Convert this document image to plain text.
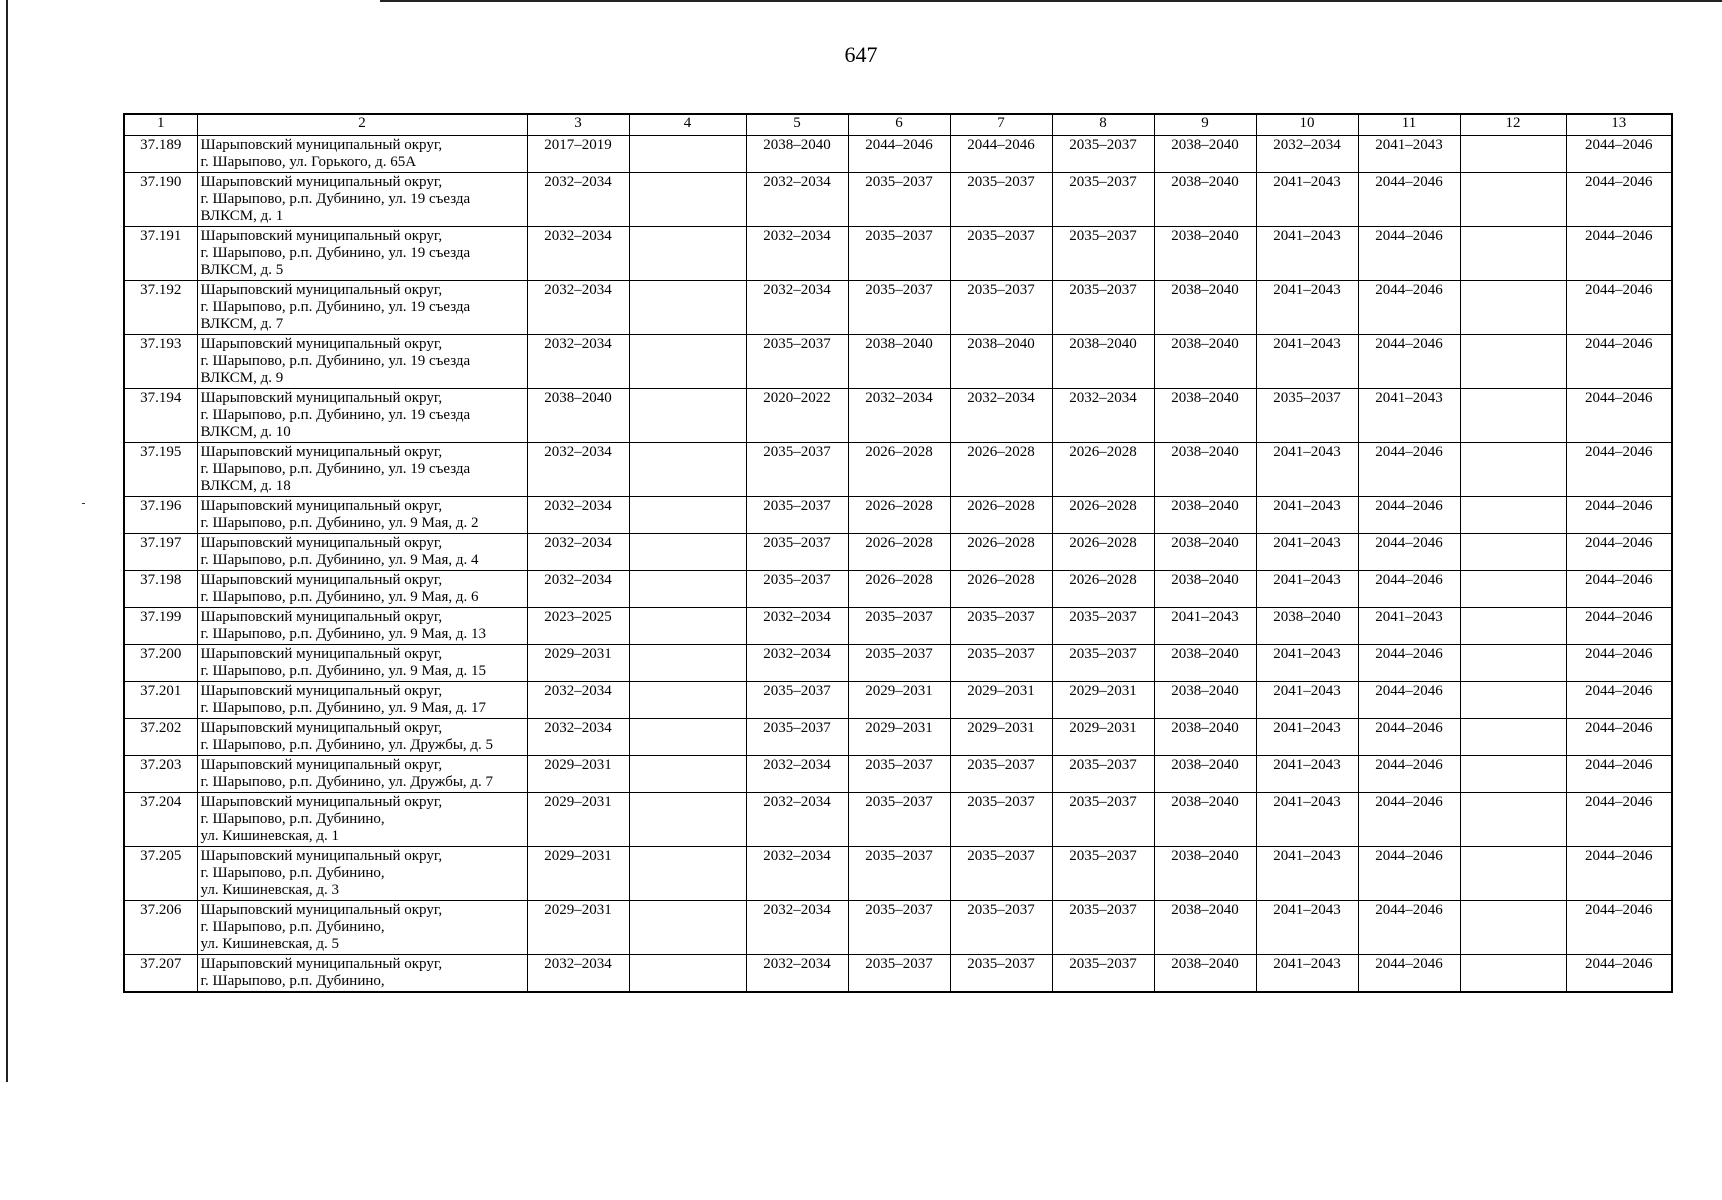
647
1	2	3	4	5	6	7	8	9	10	11	12	13
37.189	Шарыповский муниципальный округ,
г. Шарыпово, ул. Горького, д. 65А	2017–2019		2038–2040	2044–2046	2044–2046	2035–2037	2038–2040	2032–2034	2041–2043		2044–2046
37.190	Шарыповский муниципальный округ,
г. Шарыпово, р.п. Дубинино, ул. 19 съезда
ВЛКСМ, д. 1	2032–2034		2032–2034	2035–2037	2035–2037	2035–2037	2038–2040	2041–2043	2044–2046		2044–2046
37.191	Шарыповский муниципальный округ,
г. Шарыпово, р.п. Дубинино, ул. 19 съезда
ВЛКСМ, д. 5	2032–2034		2032–2034	2035–2037	2035–2037	2035–2037	2038–2040	2041–2043	2044–2046		2044–2046
37.192	Шарыповский муниципальный округ,
г. Шарыпово, р.п. Дубинино, ул. 19 съезда
ВЛКСМ, д. 7	2032–2034		2032–2034	2035–2037	2035–2037	2035–2037	2038–2040	2041–2043	2044–2046		2044–2046
37.193	Шарыповский муниципальный округ,
г. Шарыпово, р.п. Дубинино, ул. 19 съезда
ВЛКСМ, д. 9	2032–2034		2035–2037	2038–2040	2038–2040	2038–2040	2038–2040	2041–2043	2044–2046		2044–2046
37.194	Шарыповский муниципальный округ,
г. Шарыпово, р.п. Дубинино, ул. 19 съезда
ВЛКСМ, д. 10	2038–2040		2020–2022	2032–2034	2032–2034	2032–2034	2038–2040	2035–2037	2041–2043		2044–2046
37.195	Шарыповский муниципальный округ,
г. Шарыпово, р.п. Дубинино, ул. 19 съезда
ВЛКСМ, д. 18	2032–2034		2035–2037	2026–2028	2026–2028	2026–2028	2038–2040	2041–2043	2044–2046		2044–2046
37.196	Шарыповский муниципальный округ,
г. Шарыпово, р.п. Дубинино, ул. 9 Мая, д. 2	2032–2034		2035–2037	2026–2028	2026–2028	2026–2028	2038–2040	2041–2043	2044–2046		2044–2046
37.197	Шарыповский муниципальный округ,
г. Шарыпово, р.п. Дубинино, ул. 9 Мая, д. 4	2032–2034		2035–2037	2026–2028	2026–2028	2026–2028	2038–2040	2041–2043	2044–2046		2044–2046
37.198	Шарыповский муниципальный округ,
г. Шарыпово, р.п. Дубинино, ул. 9 Мая, д. 6	2032–2034		2035–2037	2026–2028	2026–2028	2026–2028	2038–2040	2041–2043	2044–2046		2044–2046
37.199	Шарыповский муниципальный округ,
г. Шарыпово, р.п. Дубинино, ул. 9 Мая, д. 13	2023–2025		2032–2034	2035–2037	2035–2037	2035–2037	2041–2043	2038–2040	2041–2043		2044–2046
37.200	Шарыповский муниципальный округ,
г. Шарыпово, р.п. Дубинино, ул. 9 Мая, д. 15	2029–2031		2032–2034	2035–2037	2035–2037	2035–2037	2038–2040	2041–2043	2044–2046		2044–2046
37.201	Шарыповский муниципальный округ,
г. Шарыпово, р.п. Дубинино, ул. 9 Мая, д. 17	2032–2034		2035–2037	2029–2031	2029–2031	2029–2031	2038–2040	2041–2043	2044–2046		2044–2046
37.202	Шарыповский муниципальный округ,
г. Шарыпово, р.п. Дубинино, ул. Дружбы, д. 5	2032–2034		2035–2037	2029–2031	2029–2031	2029–2031	2038–2040	2041–2043	2044–2046		2044–2046
37.203	Шарыповский муниципальный округ,
г. Шарыпово, р.п. Дубинино, ул. Дружбы, д. 7	2029–2031		2032–2034	2035–2037	2035–2037	2035–2037	2038–2040	2041–2043	2044–2046		2044–2046
37.204	Шарыповский муниципальный округ,
г. Шарыпово, р.п. Дубинино,
ул. Кишиневская, д. 1	2029–2031		2032–2034	2035–2037	2035–2037	2035–2037	2038–2040	2041–2043	2044–2046		2044–2046
37.205	Шарыповский муниципальный округ,
г. Шарыпово, р.п. Дубинино,
ул. Кишиневская, д. 3	2029–2031		2032–2034	2035–2037	2035–2037	2035–2037	2038–2040	2041–2043	2044–2046		2044–2046
37.206	Шарыповский муниципальный округ,
г. Шарыпово, р.п. Дубинино,
ул. Кишиневская, д. 5	2029–2031		2032–2034	2035–2037	2035–2037	2035–2037	2038–2040	2041–2043	2044–2046		2044–2046
37.207	Шарыповский муниципальный округ,
г. Шарыпово, р.п. Дубинино,	2032–2034		2032–2034	2035–2037	2035–2037	2035–2037	2038–2040	2041–2043	2044–2046		2044–2046
